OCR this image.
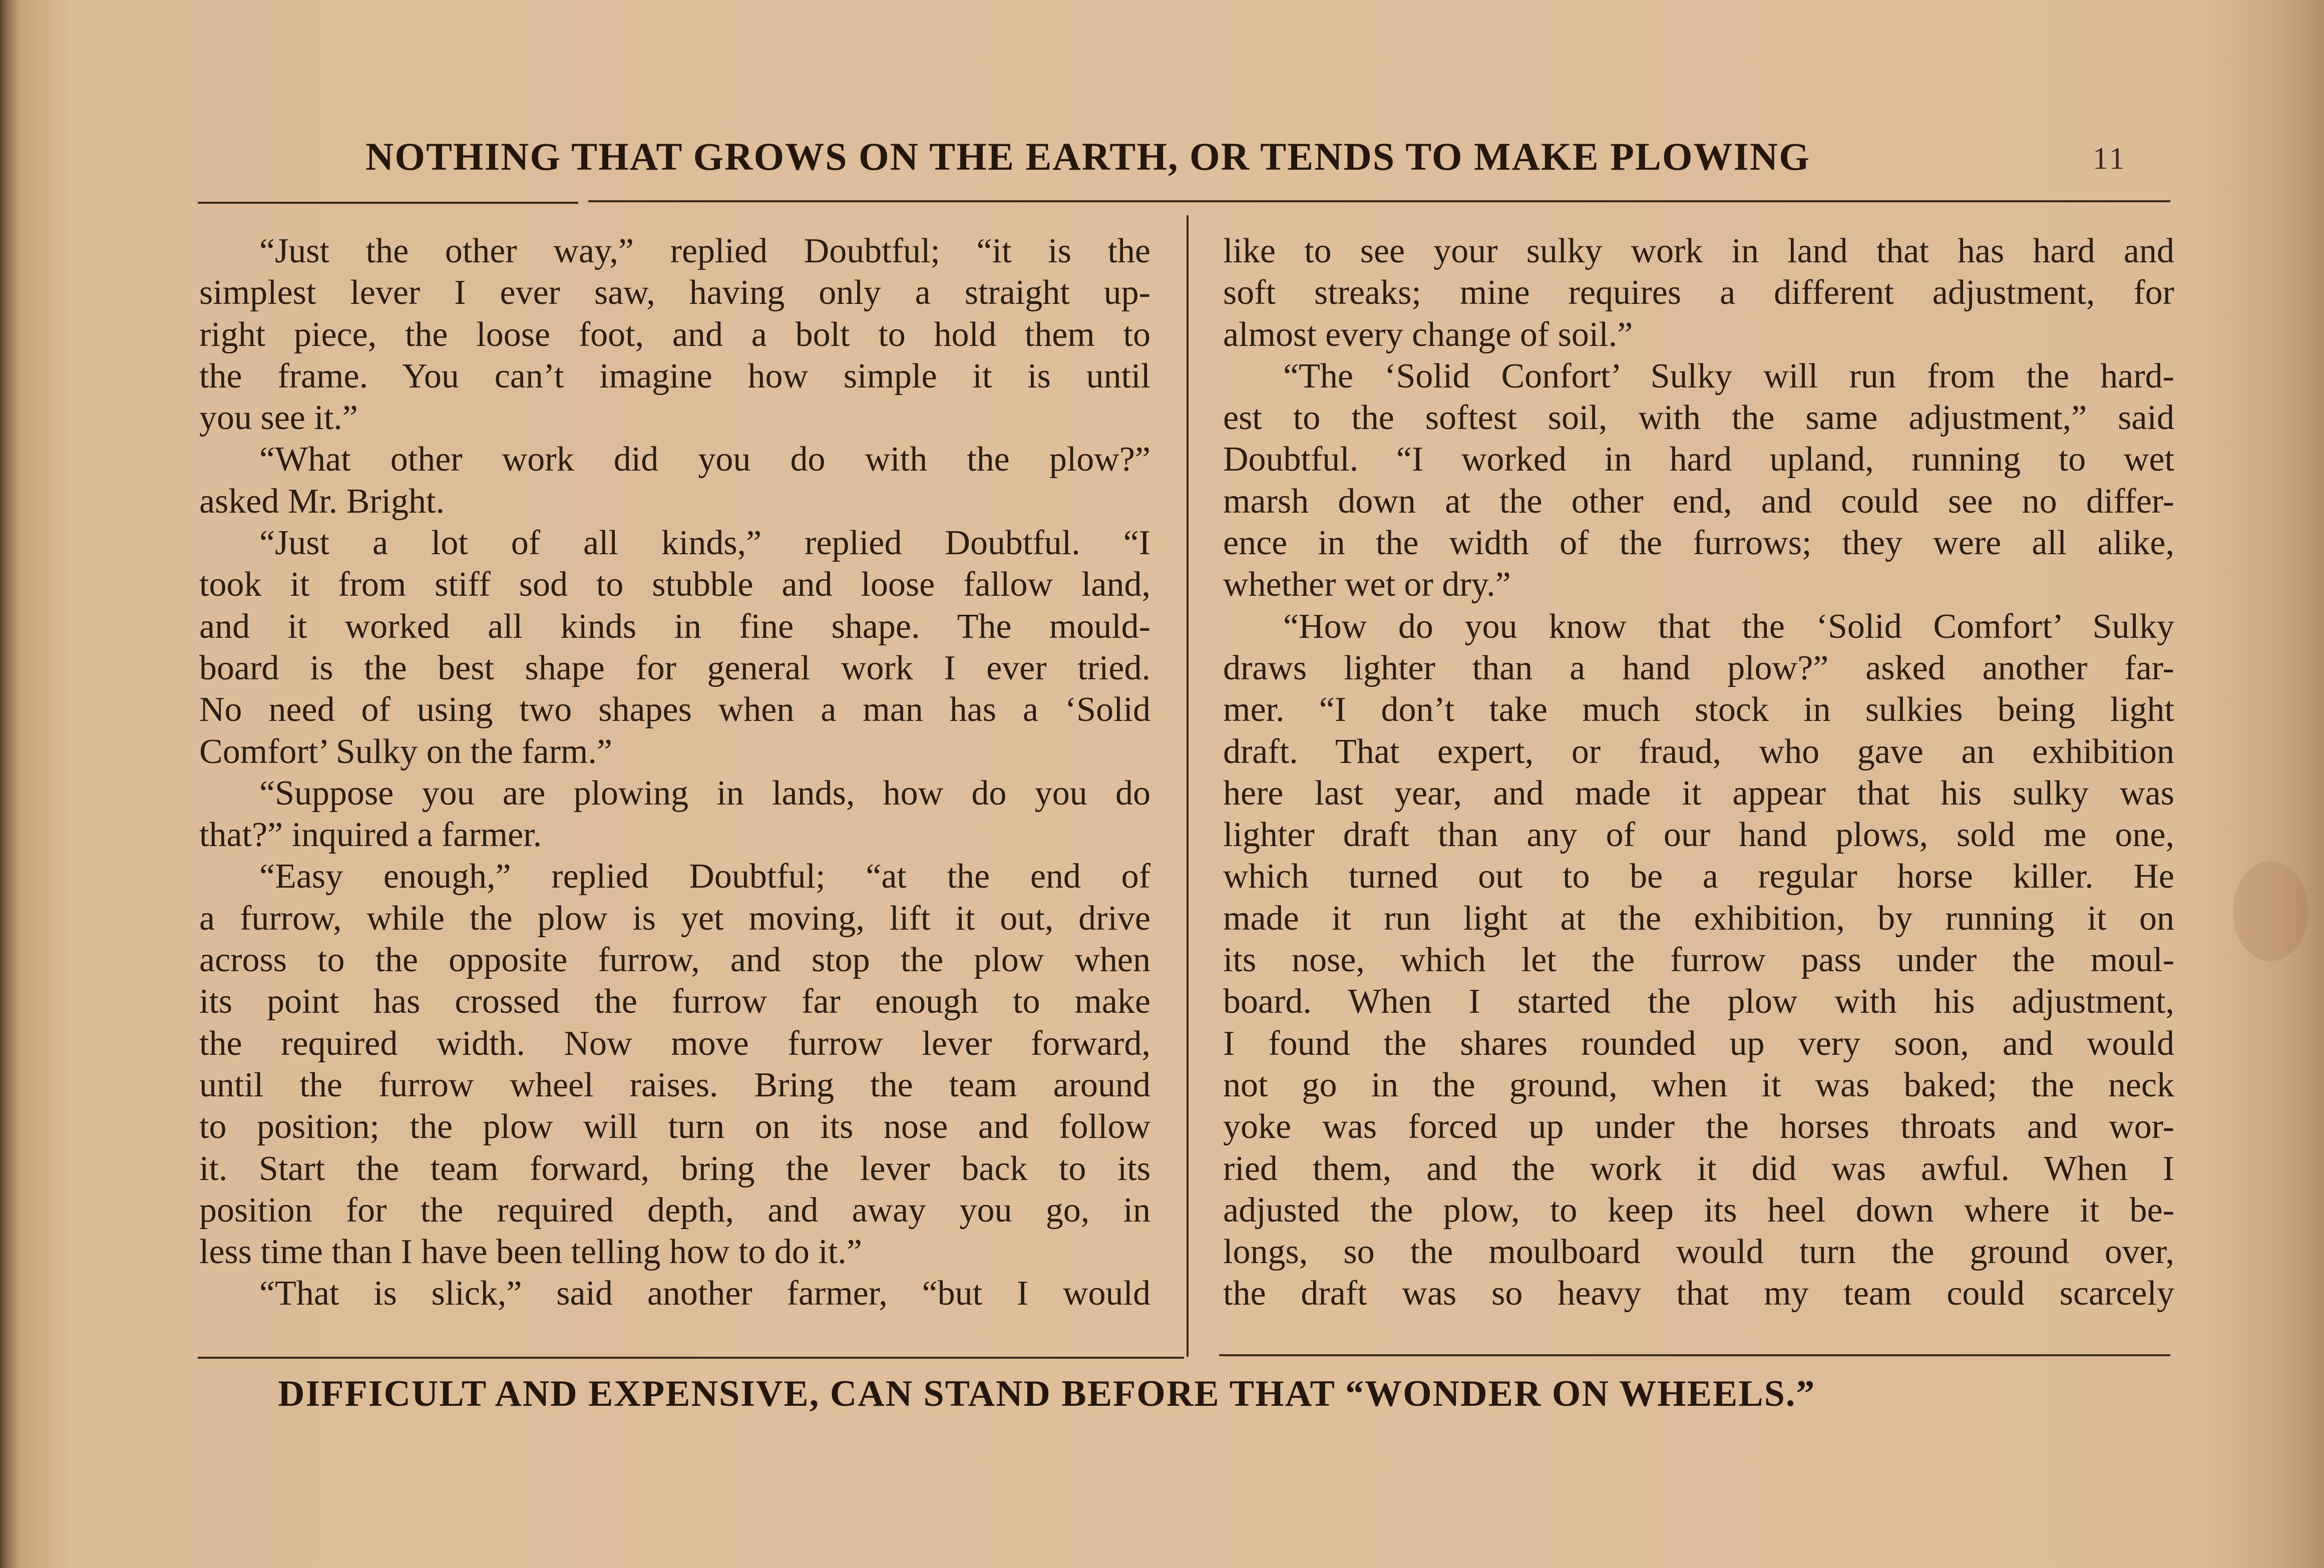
NOTHING THAT GROWS ON THE EARTH, OR TENDS TO MAKE PLOWING	11
“Just the other way,” replied Doubtful; “it is the
simplest lever I ever saw, having only a straight up-
right piece, the loose foot, and a bolt to hold them to
the frame. You can’t imagine how simple it is until
you see it.”
“What other work did you do with the plow?”
asked Mr. Bright.
“Just a lot of all kinds,” replied Doubtful. “I
took it from stiff sod to stubble and loose fallow land,
and it worked all kinds in fine shape. The mould-
board is the best shape for general work I ever tried.
No need of using two shapes when a man has a ‘Solid
Comfort’ Sulky on the farm.”
“Suppose you are plowing in lands, how do you do
that?” inquired a farmer.
“Easy enough,” replied Doubtful; “at the end of
a furrow, while the plow is yet moving, lift it out, drive
across to the opposite furrow, and stop the plow when
its point has crossed the furrow far enough to make
the required width. Now move furrow lever forward,
until the furrow wheel raises. Bring the team around
to position; the plow will turn on its nose and follow
it. Start the team forward, bring the lever back to its
position for the required depth, and away you go, in
less time than I have been telling how to do it.”
“That is slick,” said another farmer, “but I would
like to see your sulky work in land that has hard and
soft streaks; mine requires a different adjustment, for
almost every change of soil.”
“The ‘Solid Confort’ Sulky will run from the hard-
est to the softest soil, with the same adjustment,” said
Doubtful. “I worked in hard upland, running to wet
marsh down at the other end, and could see no differ-
ence in the width of the furrows; they were all alike,
whether wet or dry.”
“How do you know that the ‘Solid Comfort’ Sulky
draws lighter than a hand plow?” asked another far-
mer. “I don’t take much stock in sulkies being light
draft. That expert, or fraud, who gave an exhibition
here last year, and made it appear that his sulky was
lighter draft than any of our hand plows, sold me one,
which turned out to be a regular horse killer. He
made it run light at the exhibition, by running it on
its nose, which let the furrow pass under the moul-
board. When I started the plow with his adjustment,
I found the shares rounded up very soon, and would
not go in the ground, when it was baked; the neck
yoke was forced up under the horses throats and wor-
ried them, and the work it did was awful. When I
adjusted the plow, to keep its heel down where it be-
longs, so the moulboard would turn the ground over,
the draft was so heavy that my team could scarcely
DIFFICULT AND EXPENSIVE, CAN STAND BEFORE THAT “WONDER ON WHEELS.”
